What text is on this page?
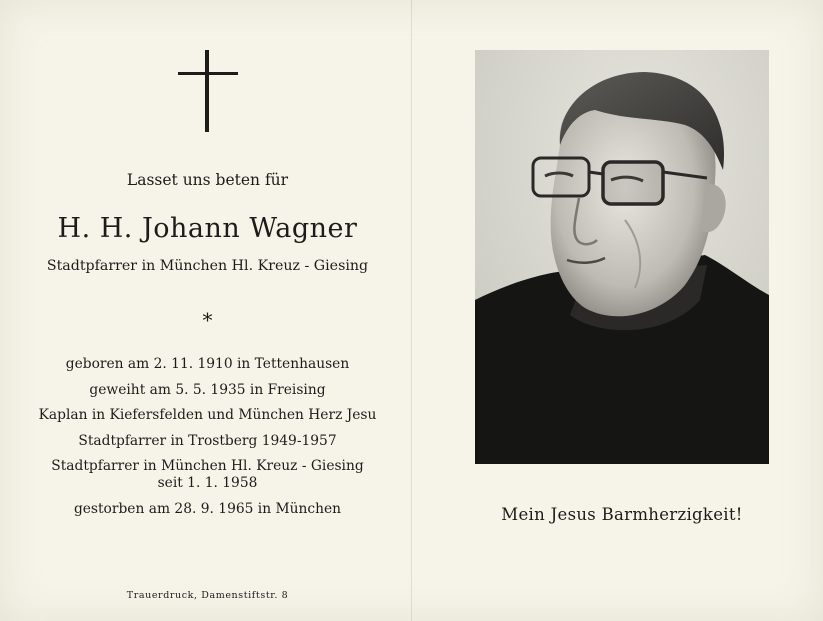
Lasset uns beten für
H. H. Johann Wagner
Stadtpfarrer in München Hl. Kreuz - Giesing
*
geboren am 2. 11. 1910 in Tettenhausen
geweiht am 5. 5. 1935 in Freising
Kaplan in Kiefersfelden und München Herz Jesu
Stadtpfarrer in Trostberg 1949-1957
Stadtpfarrer in München Hl. Kreuz - Giesing
seit 1. 1. 1958
gestorben am 28. 9. 1965 in München
Trauerdruck, Damenstiftstr. 8
Mein Jesus Barmherzigkeit!
